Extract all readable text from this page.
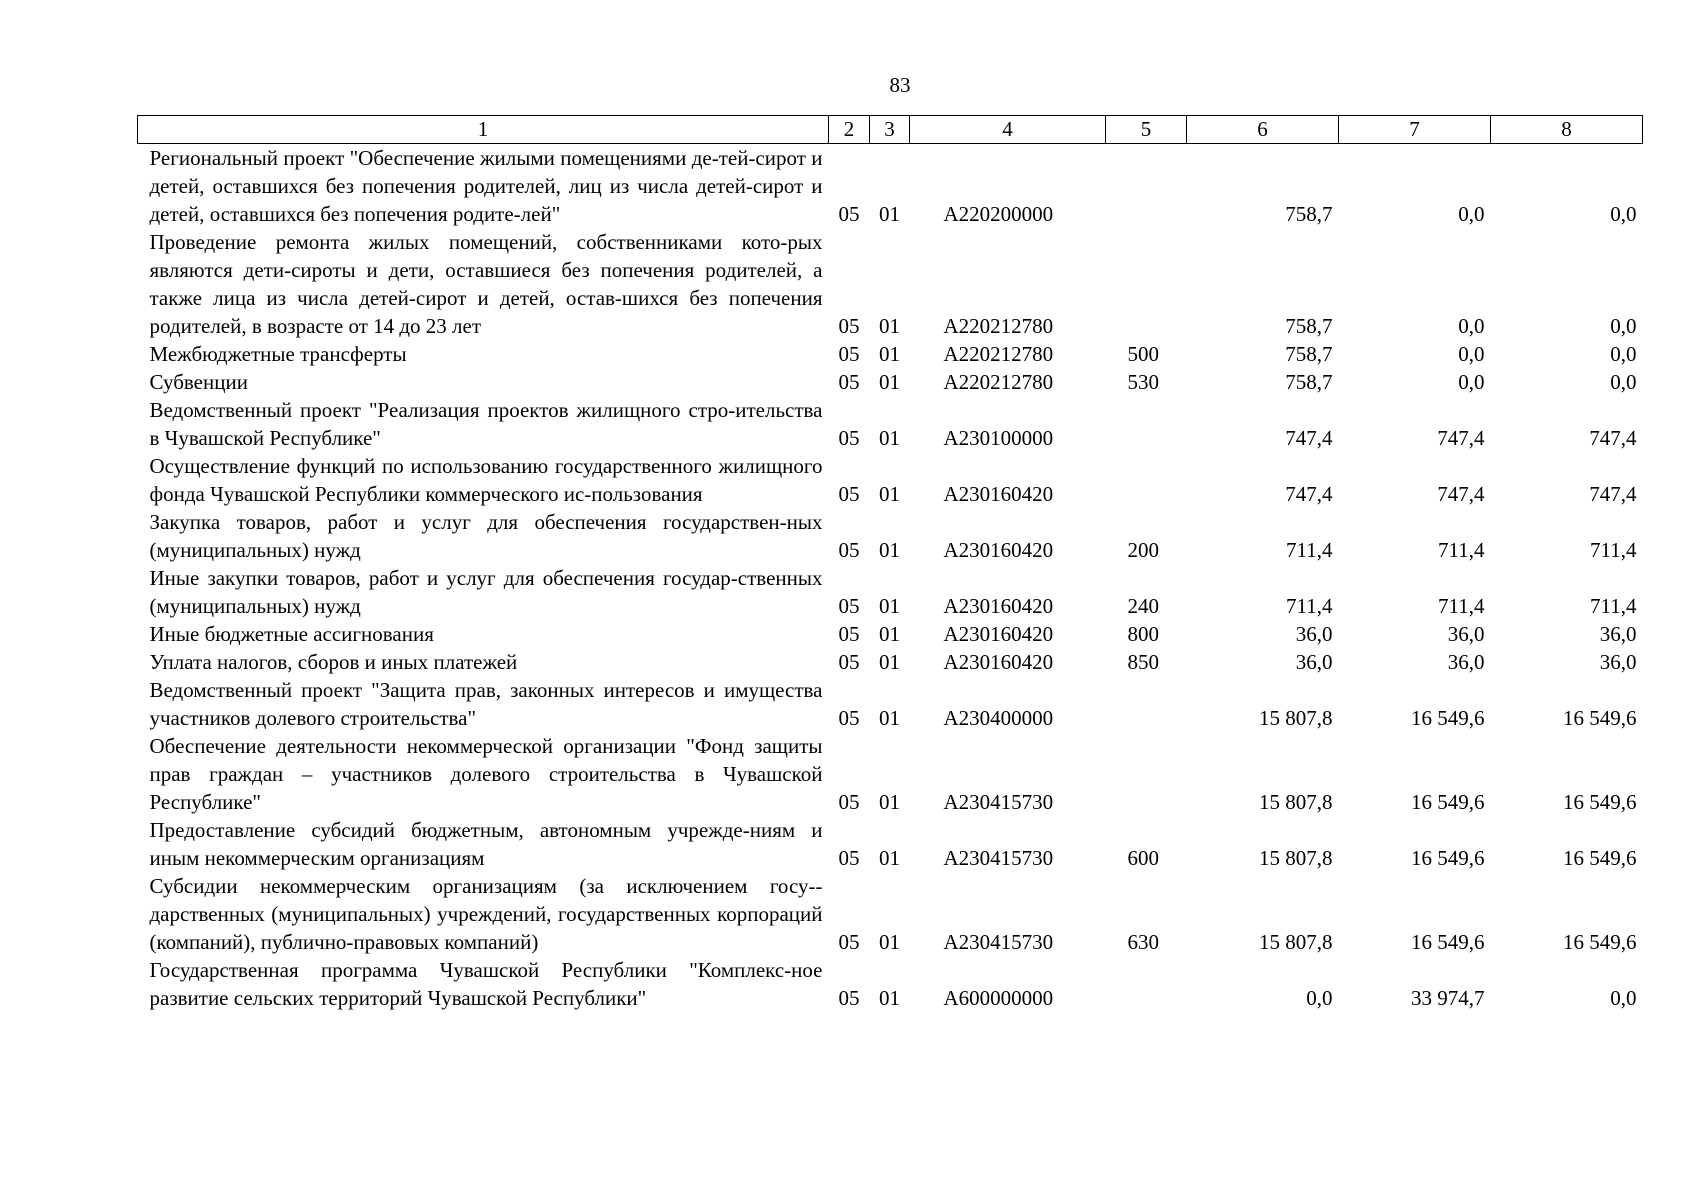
83
1	2	3	4	5	6	7	8
Региональный проект "Обеспечение жилыми помещениями де-тей-сирот и детей, оставшихся без попечения родителей, лиц из числа детей-сирот и детей, оставшихся без попечения родите-лей"	05	01	А220200000		758,7	0,0	0,0
Проведение ремонта жилых помещений, собственниками кото-рых являются дети-сироты и дети, оставшиеся без попечения родителей, а также лица из числа детей-сирот и детей, остав-шихся без попечения родителей, в возрасте от 14 до 23 лет	05	01	А220212780		758,7	0,0	0,0
Межбюджетные трансферты	05	01	А220212780	500	758,7	0,0	0,0
Субвенции	05	01	А220212780	530	758,7	0,0	0,0
Ведомственный проект "Реализация проектов жилищного стро-ительства в Чувашской Республике"	05	01	А230100000		747,4	747,4	747,4
Осуществление функций по использованию государственного жилищного фонда Чувашской Республики коммерческого ис-пользования	05	01	А230160420		747,4	747,4	747,4
Закупка товаров, работ и услуг для обеспечения государствен-ных (муниципальных) нужд	05	01	А230160420	200	711,4	711,4	711,4
Иные закупки товаров, работ и услуг для обеспечения государ-ственных (муниципальных) нужд	05	01	А230160420	240	711,4	711,4	711,4
Иные бюджетные ассигнования	05	01	А230160420	800	36,0	36,0	36,0
Уплата налогов, сборов и иных платежей	05	01	А230160420	850	36,0	36,0	36,0
Ведомственный проект "Защита прав, законных интересов и имущества участников долевого строительства"	05	01	А230400000		15 807,8	16 549,6	16 549,6
Обеспечение деятельности некоммерческой организации "Фонд защиты прав граждан – участников долевого строительства в Чувашской Республике"	05	01	А230415730		15 807,8	16 549,6	16 549,6
Предоставление субсидий бюджетным, автономным учрежде-ниям и иным некоммерческим организациям	05	01	А230415730	600	15 807,8	16 549,6	16 549,6
Субсидии некоммерческим организациям (за исключением госу-дарственных (муниципальных) учреждений, государственных корпораций (компаний), публично-правовых компаний)	05	01	А230415730	630	15 807,8	16 549,6	16 549,6
Государственная программа Чувашской Республики "Комплекс-ное развитие сельских территорий Чувашской Республики"	05	01	А600000000		0,0	33 974,7	0,0
